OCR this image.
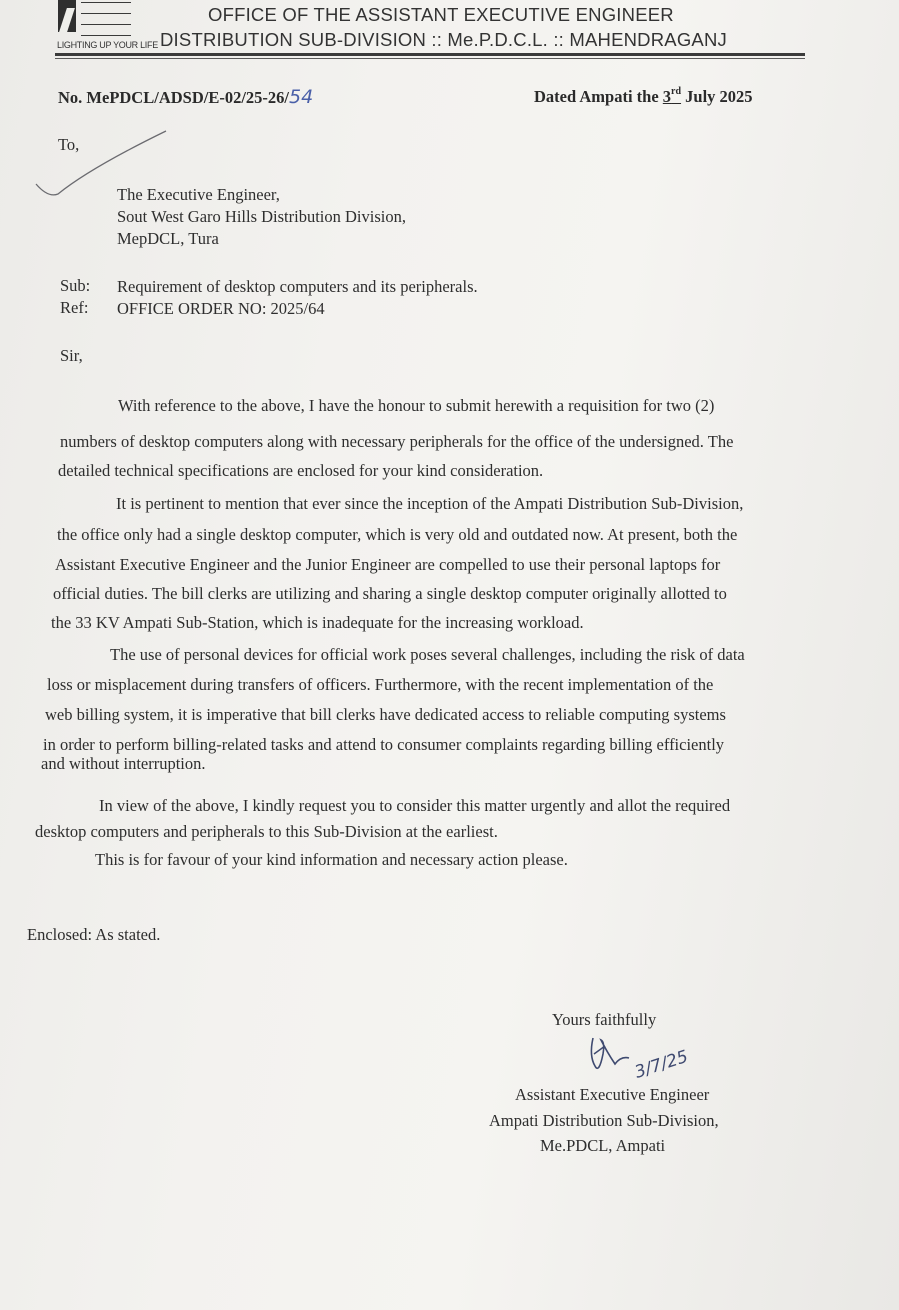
LIGHTING UP YOUR LIFE
OFFICE OF THE ASSISTANT EXECUTIVE ENGINEER
DISTRIBUTION SUB-DIVISION :: Me.P.D.C.L. :: MAHENDRAGANJ
No. MePDCL/ADSD/E-02/25-26/54	Dated Ampati the 3rd July 2025
To,
The Executive Engineer,
Sout West Garo Hills Distribution Division,
MepDCL, Tura
Sub: Requirement of desktop computers and its peripherals.
Ref: OFFICE ORDER NO: 2025/64
Sir,
With reference to the above, I have the honour to submit herewith a requisition for two (2)
numbers of desktop computers along with necessary peripherals for the office of the undersigned. The
detailed technical specifications are enclosed for your kind consideration.
It is pertinent to mention that ever since the inception of the Ampati Distribution Sub-Division,
the office only had a single desktop computer, which is very old and outdated now. At present, both the
Assistant Executive Engineer and the Junior Engineer are compelled to use their personal laptops for
official duties. The bill clerks are utilizing and sharing a single desktop computer originally allotted to
the 33 KV Ampati Sub-Station, which is inadequate for the increasing workload.
The use of personal devices for official work poses several challenges, including the risk of data
loss or misplacement during transfers of officers. Furthermore, with the recent implementation of the
web billing system, it is imperative that bill clerks have dedicated access to reliable computing systems
in order to perform billing-related tasks and attend to consumer complaints regarding billing efficiently
and without interruption.
In view of the above, I kindly request you to consider this matter urgently and allot the required
desktop computers and peripherals to this Sub-Division at the earliest.
This is for favour of your kind information and necessary action please.
Enclosed: As stated.
Yours faithfully
3/7/25
Assistant Executive Engineer
Ampati Distribution Sub-Division,
Me.PDCL, Ampati
